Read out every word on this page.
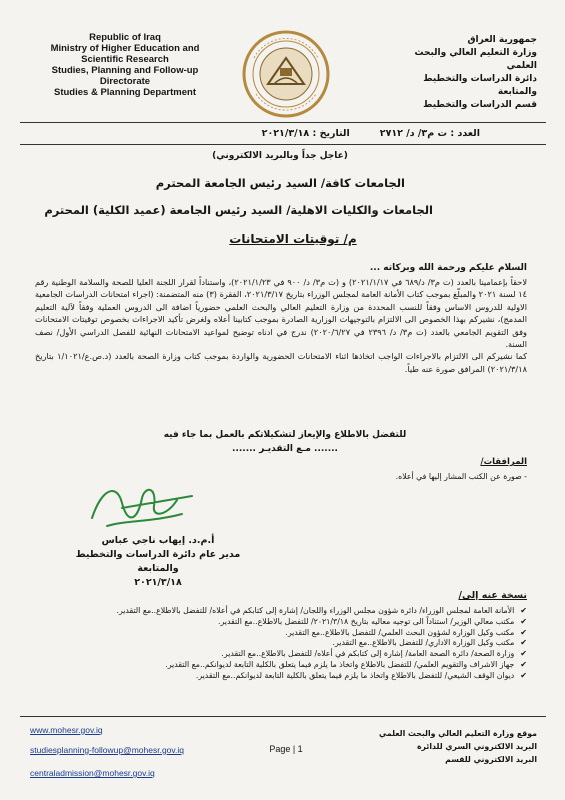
Republic of Iraq
Ministry of Higher Education and
Scientific Research
Studies, Planning and Follow-up
Directorate
Studies & Planning Department
جمهورية العراق
وزارة التعليم العالي والبحث العلمي
دائرة الدراسات والتخطيط والمتابعة
قسم الدراسات والتخطيط
العدد : ت م٣/ د/ ٢٧١٢
التاريخ : ٢٠٢١/٣/١٨
(عاجل جداً وبالبريد الالكتروني)
الجامعات كافة/ السيد رئيس الجامعة المحترم
الجامعات والكليات الاهلية/ السيد رئيس الجامعة (عميد الكلية) المحترم
م/ توقيتات الامتحانات
السلام عليكم ورحمة الله وبركاته ...

لاحقاً بإعمامينا بالعدد (ت م٣/ د/٦٨٩ في ٢٠٢١/١/١٧) و (ت م٣/ د/ ٩٠٠ في ٢٠٢١/١/٢٣)، واستناداً لقرار اللجنة العليا للصحة والسلامة الوطنية رقم ١٤ لسنة ٢٠٢١ والمبلّغ بموجب كتاب الأمانة العامة لمجلس الوزراء بتاريخ ٢٠٢١/٣/١٧، الفقرة (٣) منه المتضمنة: (اجراء امتحانات الدراسات الجامعية الاولية للدروس الاساس وفقاً للنسب المحددة من وزارة التعليم العالي والبحث العلمي حضورياً اضافة الى الدروس العملية وفقاً لآلية التعليم المدمج)، نشيركم بهذا الخصوص الى الالتزام بالتوجيهات الوزارية الصادرة بموجب كتابينا أعلاه ولغرض تأكيد الاجراءات بخصوص توقيتات الامتحانات وفق التقويم الجامعي بالعدد (ت م٣/ د/ ٢٣٩٦ في ٢٠٢٠/٦/٢٧) ندرج في ادناه توضيح لمواعيد الامتحانات النهائية للفصل الدراسي الأول/ نصف السنة.

كما نشيركم الى الالتزام بالاجراءات الواجب اتخاذها اثناء الامتحانات الحضورية والواردة بموجب كتاب وزارة الصحة بالعدد (د.ص.ع/١/١٠٢١ بتاريخ ٢٠٢١/٣/١٨) المرافق صورة عنه طياً.

للتفضل بالاطلاع والإيعاز لتشكيلاتكم بالعمل بما جاء فيه
....... مـع التقديـر .......
المرافقات/
- صورة عن الكتب المشار إليها في أعلاه.
أ.م.د. إيهاب ناجي عباس
مدير عام دائرة الدراسات والتخطيط والمتابعة
٢٠٢١/٣/١٨
نسخة عنه إلى/
✔
الأمانة العامة لمجلس الوزراء/ دائرة شؤون مجلس الوزراء واللجان/ إشارة إلى كتابكم في أعلاه/ للتفضل بالاطلاع..مع التقدير.
✔
مكتب معالي الوزير/ استناداً الى توجيه معاليه بتاريخ ٢٠٢١/٣/١٨/ للتفضل بالاطلاع..مع التقدير.
✔
مكتب وكيل الوزارة لشؤون البحث العلمي/ للتفضل بالاطلاع..مع التقدير.
✔
مكتب وكيل الوزارة الاداري/ للتفضل بالاطلاع..مع التقدير.
✔
وزارة الصحة/ دائرة الصحة العامة/ إشارة إلى كتابكم في أعلاه/ للتفضل بالاطلاع..مع التقدير.
✔
جهاز الاشراف والتقويم العلمي/ للتفضل بالاطلاع واتخاذ ما يلزم فيما يتعلق بالكلية التابعة لديوانكم..مع التقدير.
✔
ديوان الوقف الشيعي/ للتفضل بالاطلاع واتخاذ ما يلزم فيما يتعلق بالكلية التابعة لديوانكم..مع التقدير.
www.mohesr.gov.iq
studiesplanning-followup@mohesr.gov.iq
centraladmission@mohesr.gov.iq
Page | 1
موقع وزارة التعليم العالي والبحث العلمي
البريد الالكتروني السري للدائرة
البريد الالكتروني للقسم
